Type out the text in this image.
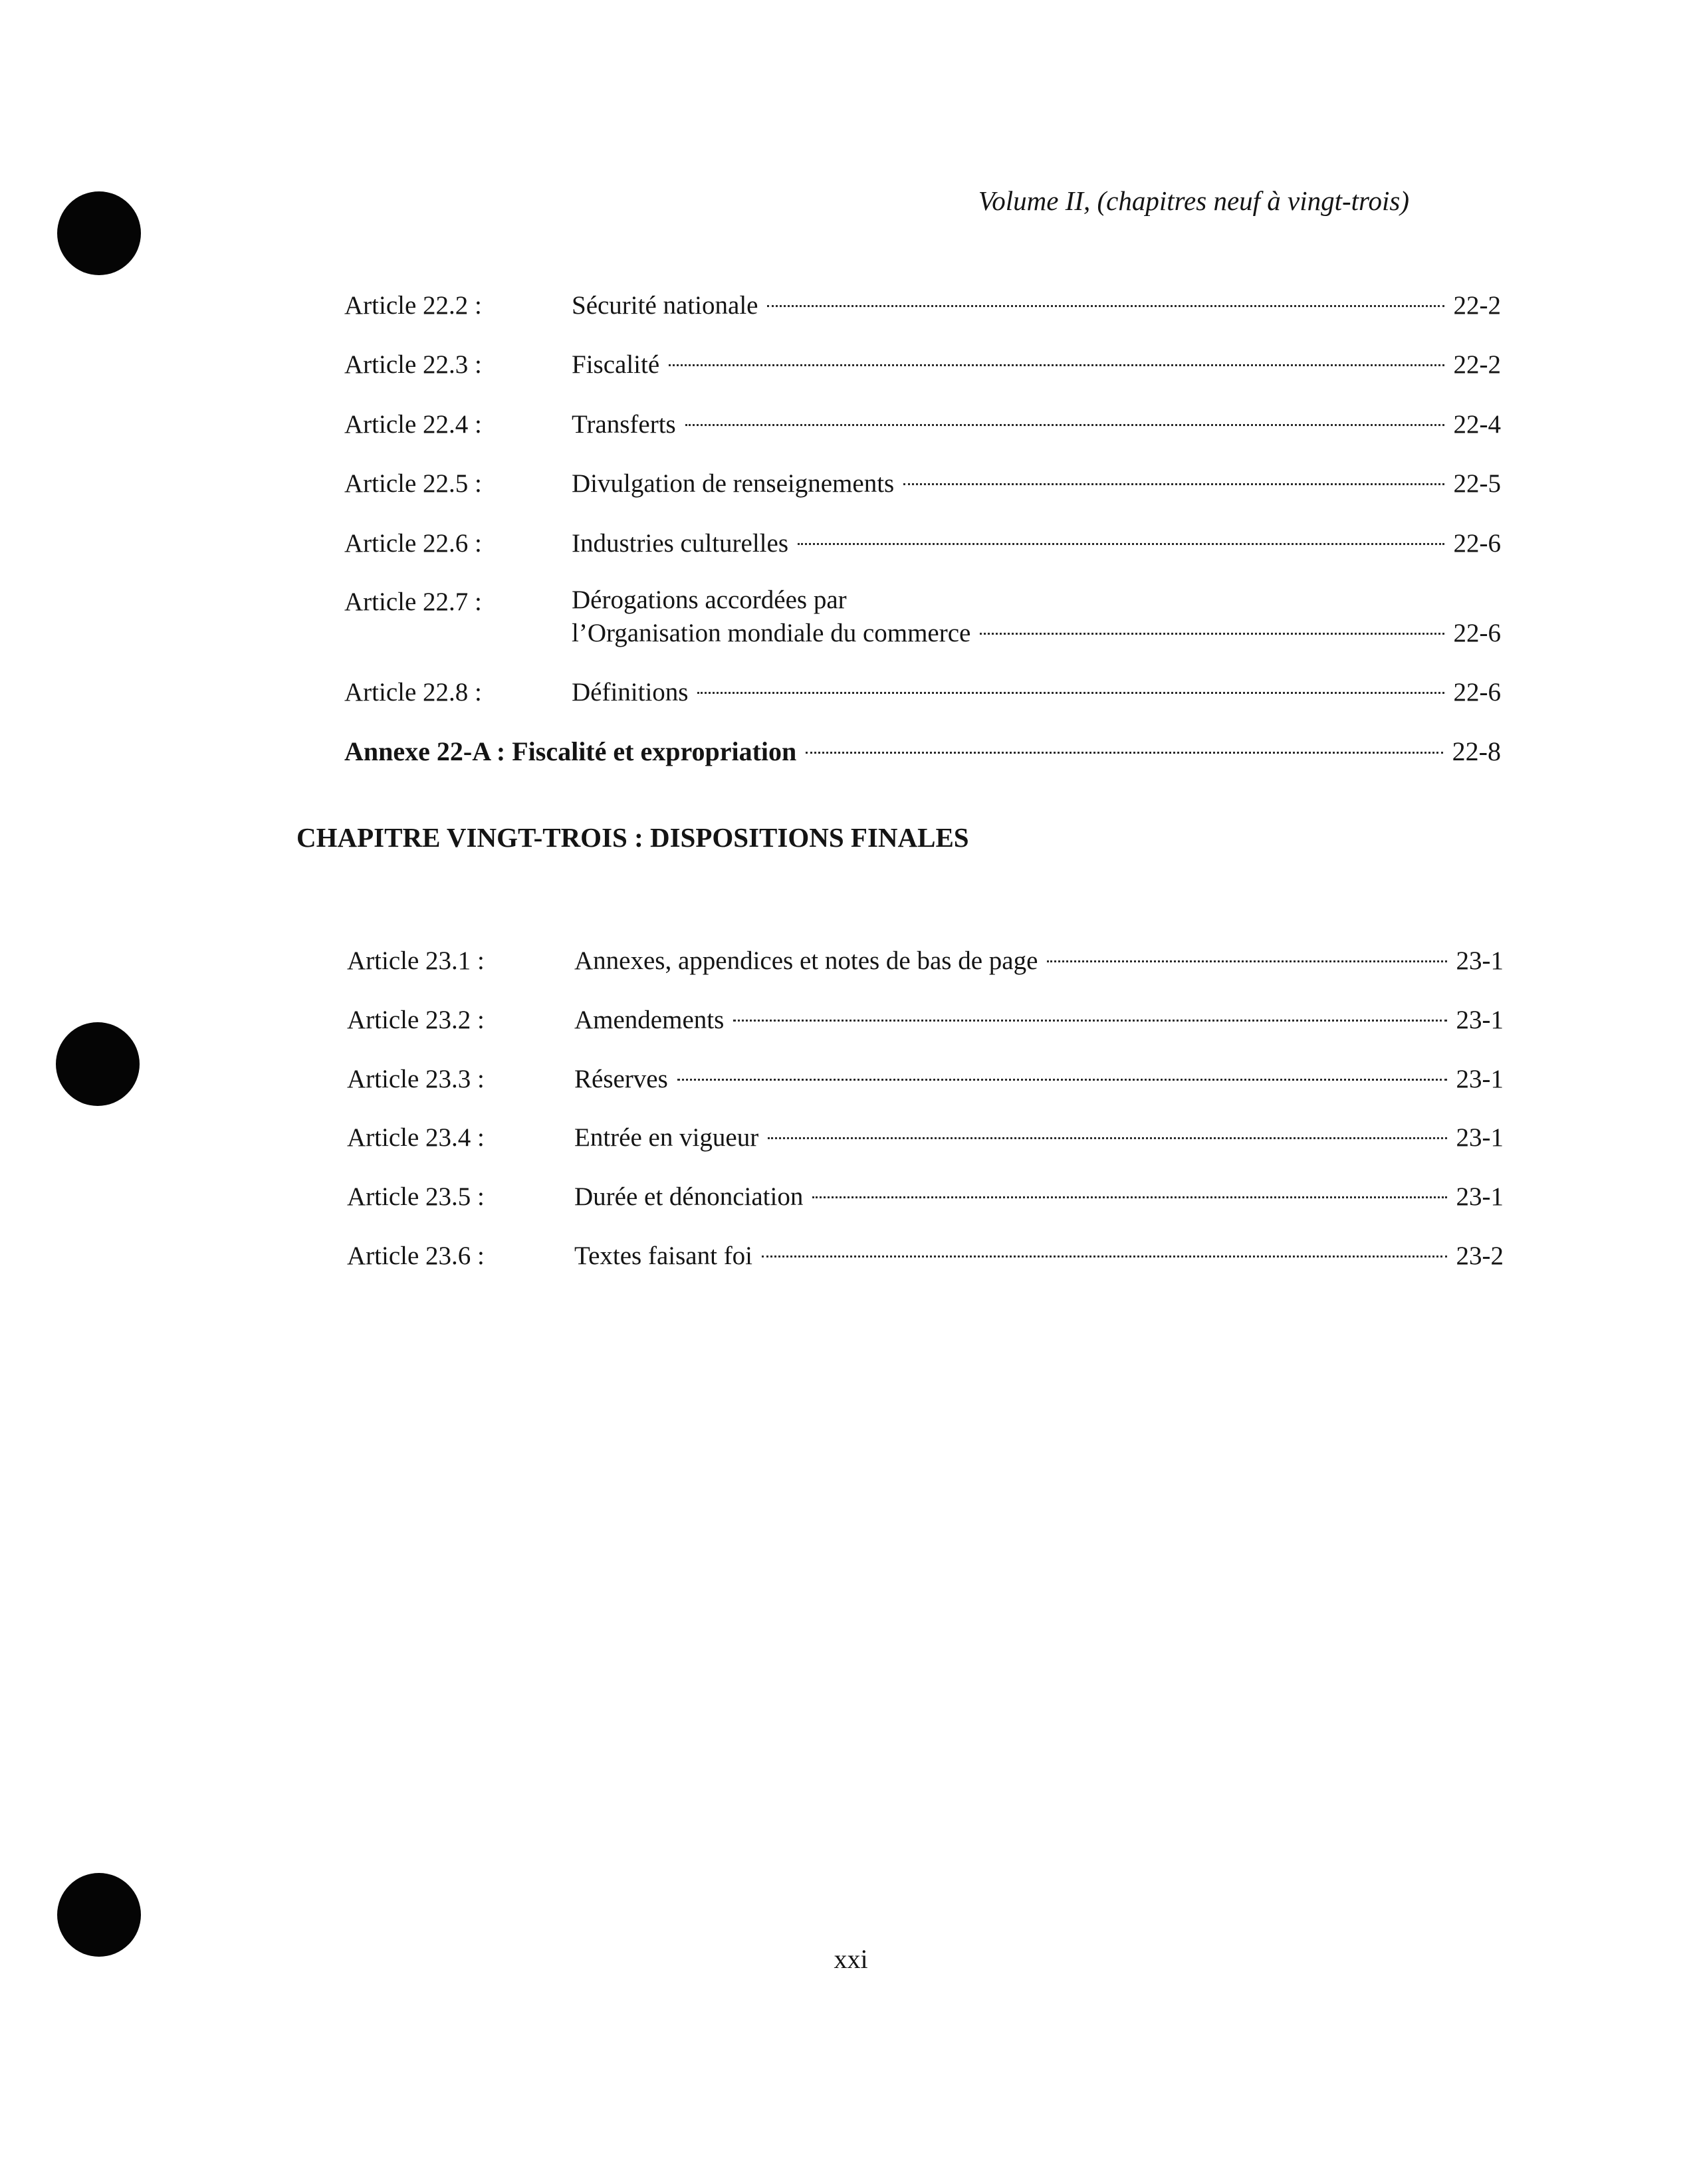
Volume II, (chapitres neuf à vingt-trois)
Article 22.2 :	Sécurité nationale	22-2
Article 22.3 :	Fiscalité	22-2
Article 22.4 :	Transferts	22-4
Article 22.5 :	Divulgation de renseignements	22-5
Article 22.6 :	Industries culturelles	22-6
Article 22.7 :	Dérogations accordées par
l’Organisation mondiale du commerce	22-6
Article 22.8 :	Définitions	22-6
Annexe 22-A : Fiscalité et expropriation	22-8
CHAPITRE VINGT-TROIS : DISPOSITIONS FINALES
Article 23.1 :	Annexes, appendices et notes de bas de page	23-1
Article 23.2 :	Amendements	23-1
Article 23.3 :	Réserves	23-1
Article 23.4 :	Entrée en vigueur	23-1
Article 23.5 :	Durée et dénonciation	23-1
Article 23.6 :	Textes faisant foi	23-2
xxi
